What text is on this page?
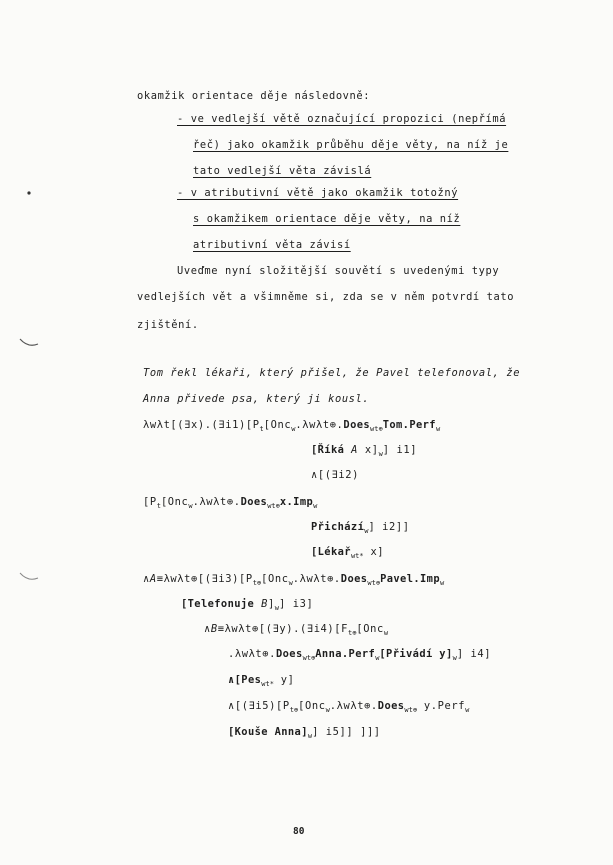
okamžik orientace děje následovně:
- ve vedlejší větě označující propozici (nepřímá
řeč) jako okamžik průběhu děje věty, na níž je
tato vedlejší věta závislá
- v atributivní větě jako okamžik totožný
s okamžikem orientace děje věty, na níž
atributivní věta závisí
Uveďme nyní složitější souvětí s uvedenými typy
vedlejších vět a všimněme si, zda se v něm potvrdí tato
zjištění.
Tom řekl lékaři, který přišel, že Pavel telefonoval, že
Anna přivede psa, který ji kousl.
$\lambda w\lambda t[(\exists x).(\exists i1)[P_t[Onc_w.\lambda w\lambda t\oplus.Does_{wt\oplus}Tom.Perf_w$
[Říká A $x]_w$] i1]
∧[(∃i2)
[$P_t[Onc_w.\lambda w\lambda t\oplus.Does_{wt\oplus}x.Imp_w$
Přichází$_w$] i2]]
[Lékař$_{wt*}$ x]
$\wedge A\equiv\lambda w\lambda t\oplus[(\exists i3)[P_{t\oplus}[Onc_w.\lambda w\lambda t\oplus.Does_{wt\oplus}Pavel.Imp_w$
[Telefonuje $B]_w$] i3]
$\wedge B\equiv\lambda w\lambda t\oplus[(\exists y).(\exists i4)[F_{t\oplus}[Onc_w$
.λwλt⊕.Does$_{wt\oplus}$Anna.Perf$_w$[Přivádí $y]_w$] i4]
∧[Pes$_{wt*}$ y]
$\wedge[(\exists i5)[P_{t\oplus}[Onc_w.\lambda w\lambda t\oplus.Does_{wt\oplus}$ y.Perf$_w$
[Kouše $Anna]_w$] i5]] ]]]
80
